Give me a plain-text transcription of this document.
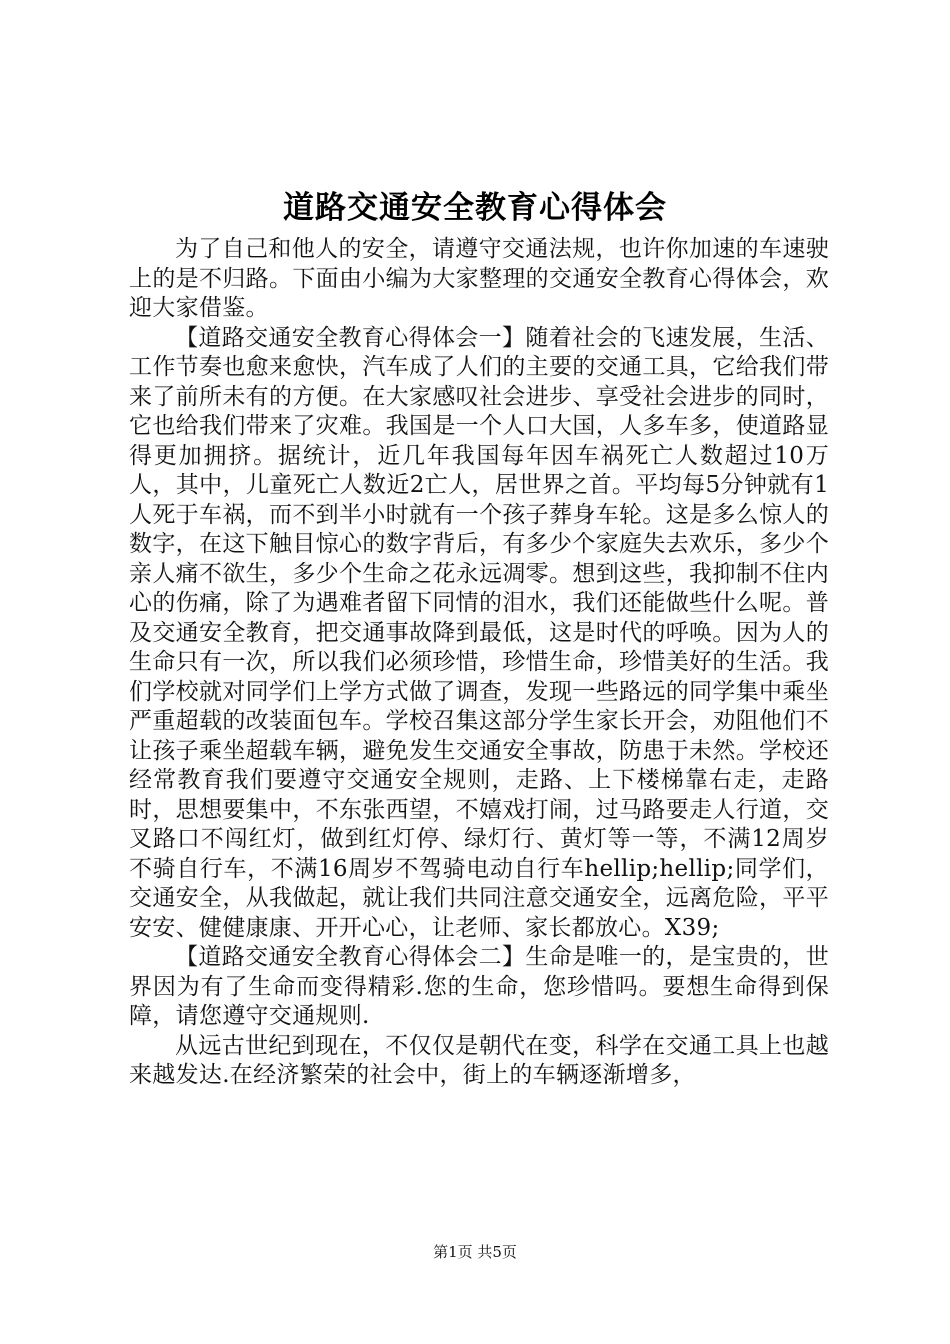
道路交通安全教育心得体会

为了自己和他人的安全，请遵守交通法规，也许你加速的车速驶上的是不归路。下面由小编为大家整理的交通安全教育心得体会，欢迎大家借鉴。

【道路交通安全教育心得体会一】随着社会的飞速发展，生活、工作节奏也愈来愈快，汽车成了人们的主要的交通工具，它给我们带来了前所未有的方便。在大家感叹社会进步、享受社会进步的同时，它也给我们带来了灾难。我国是一个人口大国，人多车多，使道路显得更加拥挤。据统计，近几年我国每年因车祸死亡人数超过10万人，其中，儿童死亡人数近2亡人，居世界之首。平均每5分钟就有1人死于车祸，而不到半小时就有一个孩子葬身车轮。这是多么惊人的数字，在这下触目惊心的数字背后，有多少个家庭失去欢乐，多少个亲人痛不欲生，多少个生命之花永远凋零。想到这些，我抑制不住内心的伤痛，除了为遇难者留下同情的泪水，我们还能做些什么呢。普及交通安全教育，把交通事故降到最低，这是时代的呼唤。因为人的生命只有一次，所以我们必须珍惜，珍惜生命，珍惜美好的生活。我们学校就对同学们上学方式做了调查，发现一些路远的同学集中乘坐严重超载的改装面包车。学校召集这部分学生家长开会，劝阻他们不让孩子乘坐超载车辆，避免发生交通安全事故，防患于未然。学校还经常教育我们要遵守交通安全规则，走路、上下楼梯靠右走，走路时，思想要集中，不东张西望，不嬉戏打闹，过马路要走人行道，交叉路口不闯红灯，做到红灯停、绿灯行、黄灯等一等，不满12周岁不骑自行车，不满16周岁不驾骑电动自行车hellip;hellip;同学们，交通安全，从我做起，就让我们共同注意交通安全，远离危险，平平安安、健健康康、开开心心，让老师、家长都放心。X39;

【道路交通安全教育心得体会二】生命是唯一的，是宝贵的，世界因为有了生命而变得精彩.您的生命，您珍惜吗。要想生命得到保障，请您遵守交通规则.

从远古世纪到现在，不仅仅是朝代在变，科学在交通工具上也越来越发达.在经济繁荣的社会中，街上的车辆逐渐增多，

第1页 共5页
